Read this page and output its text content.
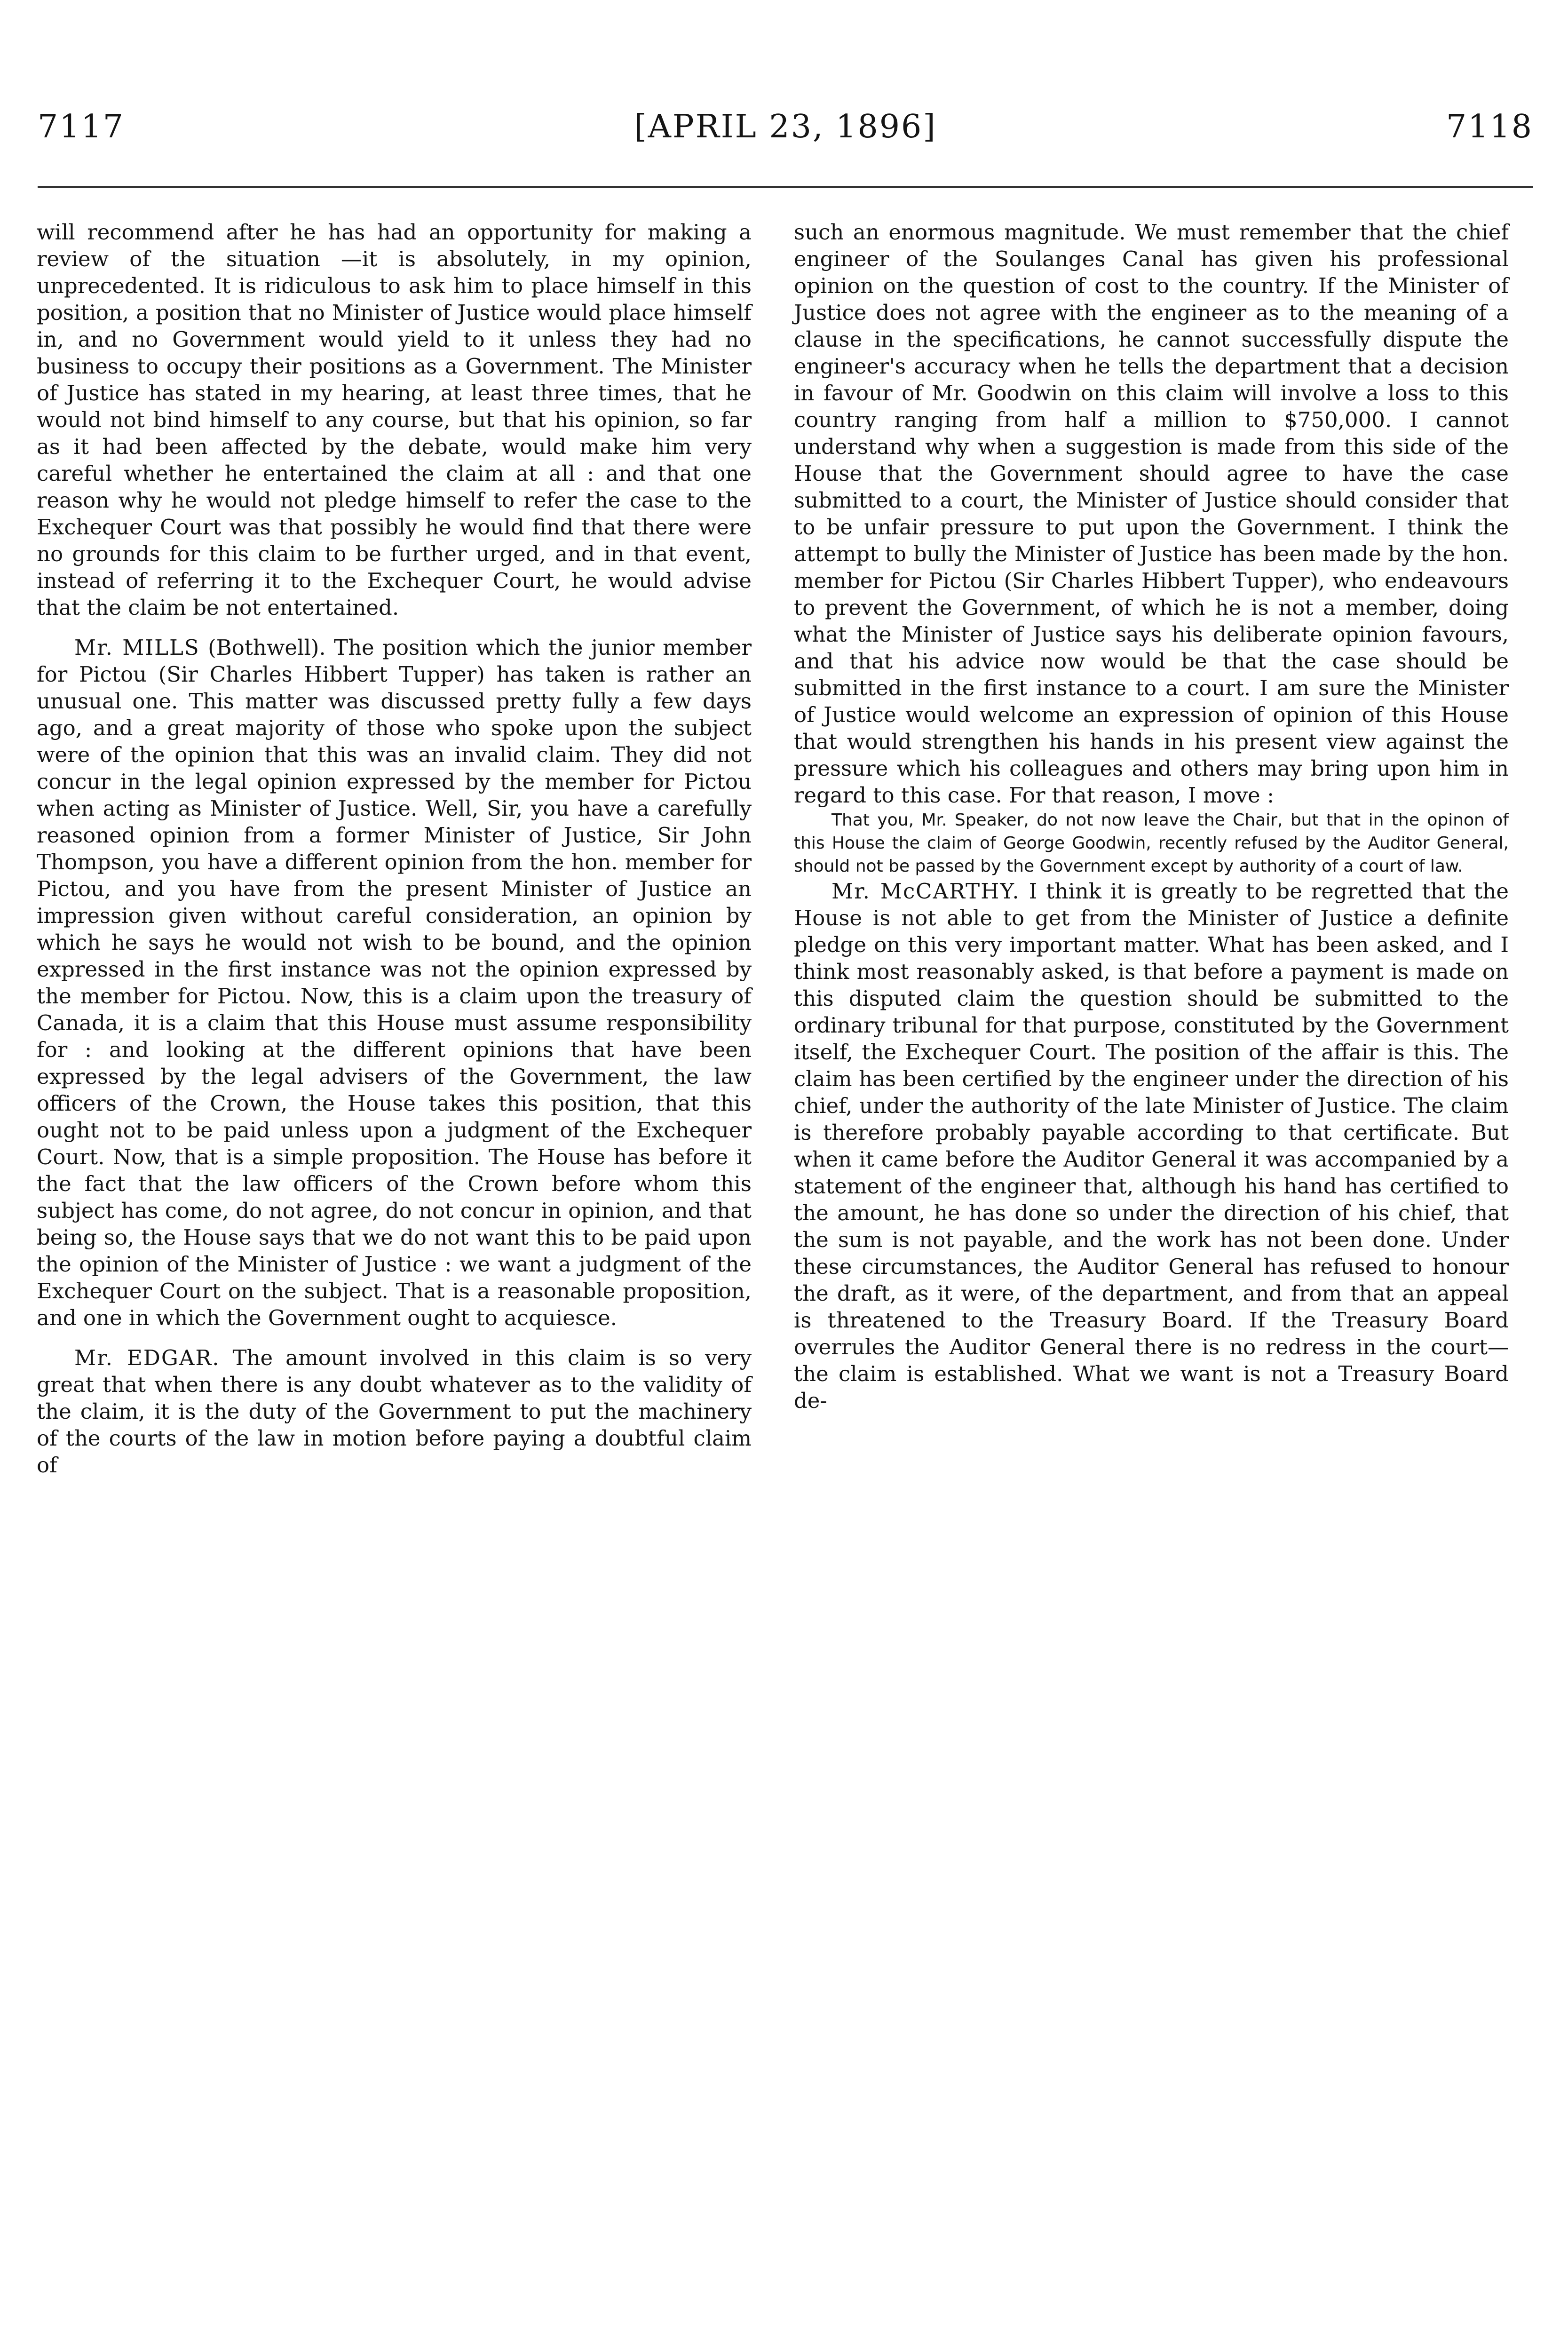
7117	[APRIL 23, 1896]	7118

will recommend after he has had an opportunity for making a review of the situation —it is absolutely, in my opinion, unprecedented. It is ridiculous to ask him to place himself in this position, a position that no Minister of Justice would place himself in, and no Government would yield to it unless they had no business to occupy their positions as a Government. The Minister of Justice has stated in my hearing, at least three times, that he would not bind himself to any course, but that his opinion, so far as it had been affected by the debate, would make him very careful whether he entertained the claim at all : and that one reason why he would not pledge himself to refer the case to the Exchequer Court was that possibly he would find that there were no grounds for this claim to be further urged, and in that event, instead of referring it to the Exchequer Court, he would advise that the claim be not entertained.

Mr. MILLS (Bothwell). The position which the junior member for Pictou (Sir Charles Hibbert Tupper) has taken is rather an unusual one. This matter was discussed pretty fully a few days ago, and a great majority of those who spoke upon the subject were of the opinion that this was an invalid claim. They did not concur in the legal opinion expressed by the member for Pictou when acting as Minister of Justice. Well, Sir, you have a carefully reasoned opinion from a former Minister of Justice, Sir John Thompson, you have a different opinion from the hon. member for Pictou, and you have from the present Minister of Justice an impression given without careful consideration, an opinion by which he says he would not wish to be bound, and the opinion expressed in the first instance was not the opinion expressed by the member for Pictou. Now, this is a claim upon the treasury of Canada, it is a claim that this House must assume responsibility for : and looking at the different opinions that have been expressed by the legal advisers of the Government, the law officers of the Crown, the House takes this position, that this ought not to be paid unless upon a judgment of the Exchequer Court. Now, that is a simple proposition. The House has before it the fact that the law officers of the Crown before whom this subject has come, do not agree, do not concur in opinion, and that being so, the House says that we do not want this to be paid upon the opinion of the Minister of Justice : we want a judgment of the Exchequer Court on the subject. That is a reasonable proposition, and one in which the Government ought to acquiesce.

Mr. EDGAR. The amount involved in this claim is so very great that when there is any doubt whatever as to the validity of the claim, it is the duty of the Government to put the machinery of the courts of the law in motion before paying a doubtful claim of

such an enormous magnitude. We must remember that the chief engineer of the Soulanges Canal has given his professional opinion on the question of cost to the country. If the Minister of Justice does not agree with the engineer as to the meaning of a clause in the specifications, he cannot successfully dispute the engineer's accuracy when he tells the department that a decision in favour of Mr. Goodwin on this claim will involve a loss to this country ranging from half a million to $750,000. I cannot understand why when a suggestion is made from this side of the House that the Government should agree to have the case submitted to a court, the Minister of Justice should consider that to be unfair pressure to put upon the Government. I think the attempt to bully the Minister of Justice has been made by the hon. member for Pictou (Sir Charles Hibbert Tupper), who endeavours to prevent the Government, of which he is not a member, doing what the Minister of Justice says his deliberate opinion favours, and that his advice now would be that the case should be submitted in the first instance to a court. I am sure the Minister of Justice would welcome an expression of opinion of this House that would strengthen his hands in his present view against the pressure which his colleagues and others may bring upon him in regard to this case. For that reason, I move :

That you, Mr. Speaker, do not now leave the Chair, but that in the opinon of this House the claim of George Goodwin, recently refused by the Auditor General, should not be passed by the Government except by authority of a court of law.

Mr. McCARTHY. I think it is greatly to be regretted that the House is not able to get from the Minister of Justice a definite pledge on this very important matter. What has been asked, and I think most reasonably asked, is that before a payment is made on this disputed claim the question should be submitted to the ordinary tribunal for that purpose, constituted by the Government itself, the Exchequer Court. The position of the affair is this. The claim has been certified by the engineer under the direction of his chief, under the authority of the late Minister of Justice. The claim is therefore probably payable according to that certificate. But when it came before the Auditor General it was accompanied by a statement of the engineer that, although his hand has certified to the amount, he has done so under the direction of his chief, that the sum is not payable, and the work has not been done. Under these circumstances, the Auditor General has refused to honour the draft, as it were, of the department, and from that an appeal is threatened to the Treasury Board. If the Treasury Board overrules the Auditor General there is no redress in the court—the claim is established. What we want is not a Treasury Board de-
